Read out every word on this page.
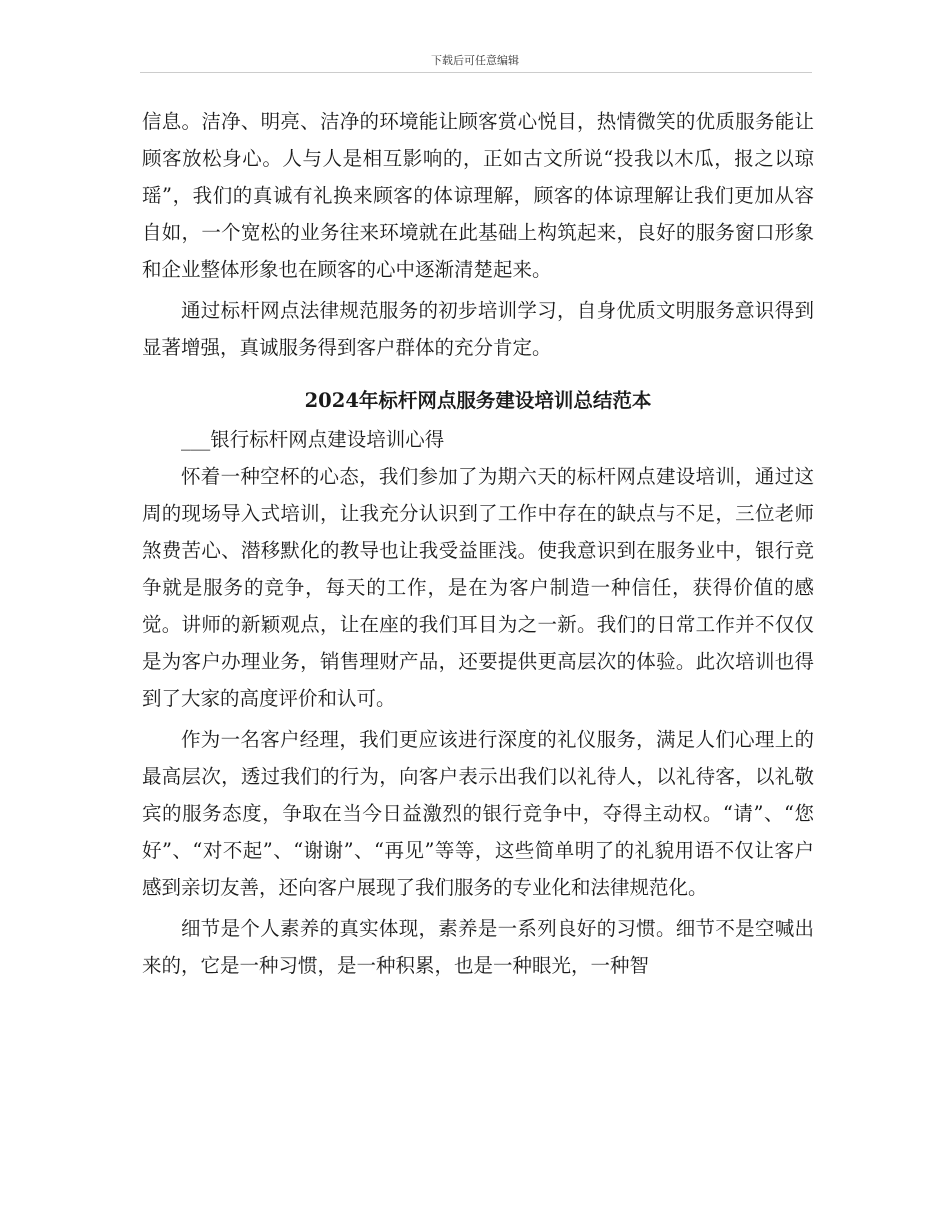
下载后可任意编辑

信息。洁净、明亮、洁净的环境能让顾客赏心悦目，热情微笑的优质服务能让顾客放松身心。人与人是相互影响的，正如古文所说“投我以木瓜，报之以琼瑶”，我们的真诚有礼换来顾客的体谅理解，顾客的体谅理解让我们更加从容自如，一个宽松的业务往来环境就在此基础上构筑起来，良好的服务窗口形象和企业整体形象也在顾客的心中逐渐清楚起来。

通过标杆网点法律规范服务的初步培训学习，自身优质文明服务意识得到显著增强，真诚服务得到客户群体的充分肯定。

2024年标杆网点服务建设培训总结范本

___银行标杆网点建设培训心得

怀着一种空杯的心态，我们参加了为期六天的标杆网点建设培训，通过这周的现场导入式培训，让我充分认识到了工作中存在的缺点与不足，三位老师煞费苦心、潜移默化的教导也让我受益匪浅。使我意识到在服务业中，银行竞争就是服务的竞争，每天的工作，是在为客户制造一种信任，获得价值的感觉。讲师的新颖观点，让在座的我们耳目为之一新。我们的日常工作并不仅仅是为客户办理业务，销售理财产品，还要提供更高层次的体验。此次培训也得到了大家的高度评价和认可。

作为一名客户经理，我们更应该进行深度的礼仪服务，满足人们心理上的最高层次，透过我们的行为，向客户表示出我们以礼待人，以礼待客，以礼敬宾的服务态度，争取在当今日益激烈的银行竞争中，夺得主动权。“请”、“您好”、“对不起”、“谢谢”、“再见”等等，这些简单明了的礼貌用语不仅让客户感到亲切友善，还向客户展现了我们服务的专业化和法律规范化。

细节是个人素养的真实体现，素养是一系列良好的习惯。细节不是空喊出来的，它是一种习惯，是一种积累，也是一种眼光，一种智
